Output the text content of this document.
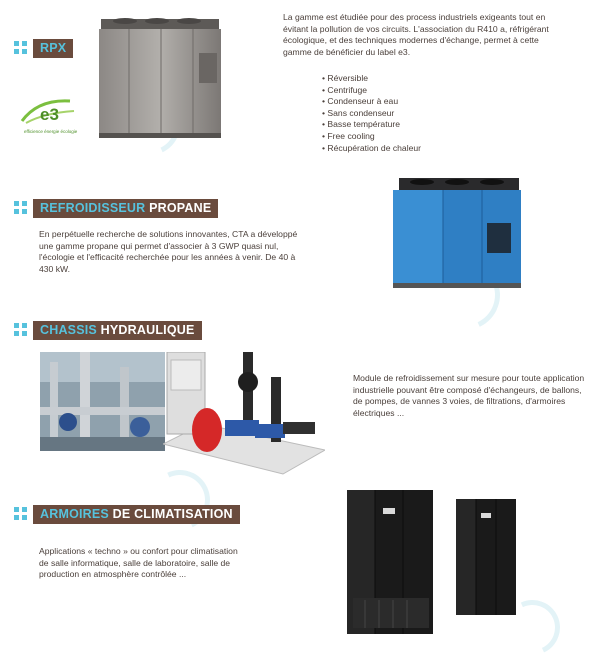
RPX
e3
efficience énergie écologie
La gamme est étudiée pour des process industriels exigeants tout en évitant la pollution de vos circuits. L'association du R410 a, réfrigérant écologique, et des techniques modernes d'échange, permet à cette gamme de bénéficier du label e3.
• Réversible
• Centrifuge
• Condenseur à eau
• Sans condenseur
• Basse température
• Free cooling
• Récupération de chaleur
REFROIDISSEUR PROPANE
En perpétuelle recherche de solutions innovantes, CTA a développé une gamme propane qui permet d'associer à 3 GWP quasi nul, l'écologie et l'efficacité recherchée pour les années à venir. De 40 à 430 kW.
CHASSIS HYDRAULIQUE
Module de refroidissement sur mesure pour toute application industrielle pouvant être composé d'échangeurs, de ballons, de pompes, de vannes 3 voies, de filtrations, d'armoires électriques ...
ARMOIRES DE CLIMATISATION
Applications « techno » ou confort pour climatisation de salle informatique, salle de laboratoire, salle de production en atmosphère contrôlée ...
